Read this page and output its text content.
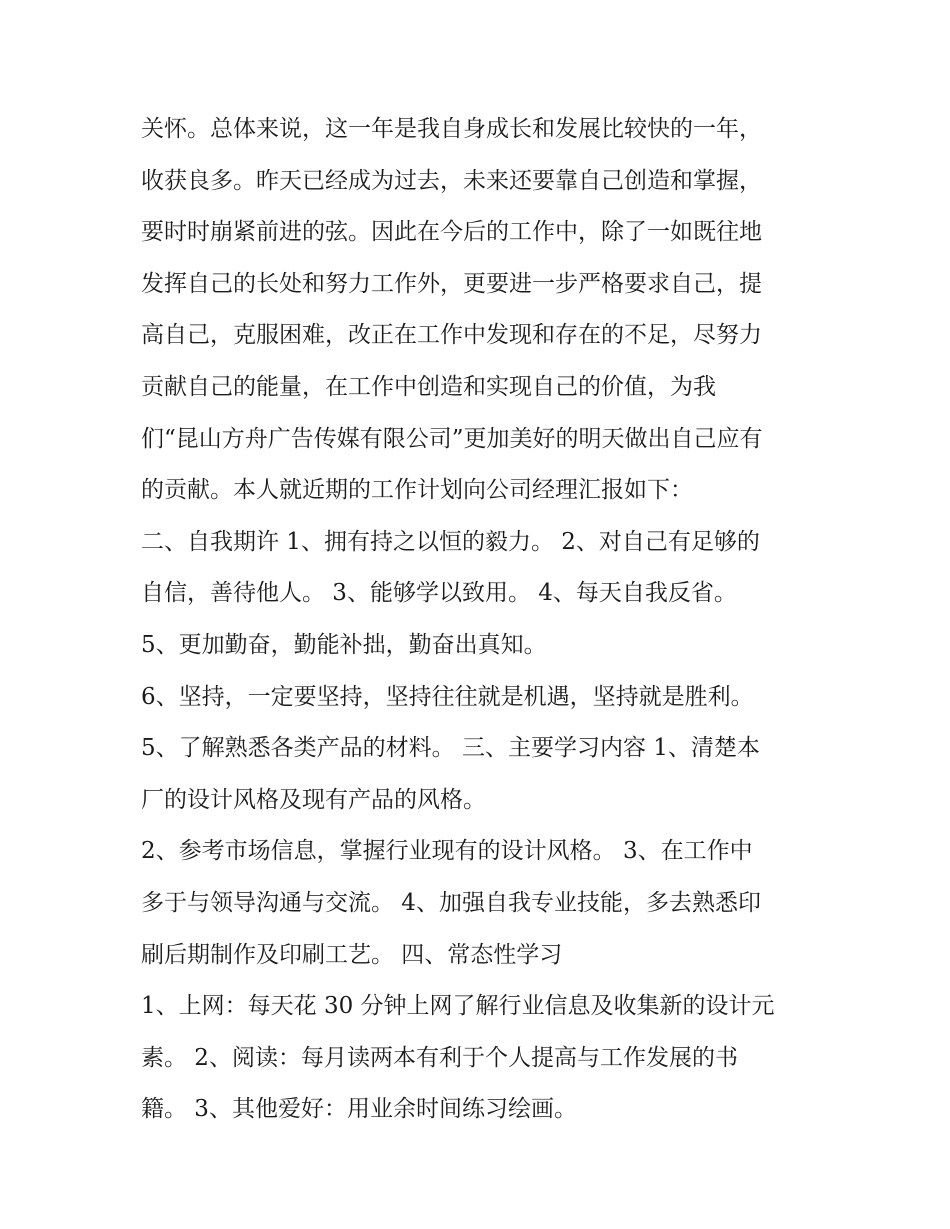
关怀。总体来说，这一年是我自身成长和发展比较快的一年，
收获良多。昨天已经成为过去，未来还要靠自己创造和掌握，
要时时崩紧前进的弦。因此在今后的工作中，除了一如既往地
发挥自己的长处和努力工作外，更要进一步严格要求自己，提
高自己，克服困难，改正在工作中发现和存在的不足，尽努力
贡献自己的能量，在工作中创造和实现自己的价值，为我
们“昆山方舟广告传媒有限公司”更加美好的明天做出自己应有
的贡献。本人就近期的工作计划向公司经理汇报如下：
二、自我期许 1、拥有持之以恒的毅力。 2、对自己有足够的
自信，善待他人。 3、能够学以致用。 4、每天自我反省。
5、更加勤奋，勤能补拙，勤奋出真知。
6、坚持，一定要坚持，坚持往往就是机遇，坚持就是胜利。
5、了解熟悉各类产品的材料。 三、主要学习内容 1、清楚本
厂的设计风格及现有产品的风格。
2、参考市场信息，掌握行业现有的设计风格。 3、在工作中
多于与领导沟通与交流。 4、加强自我专业技能，多去熟悉印
刷后期制作及印刷工艺。 四、常态性学习
1、上网：每天花 30 分钟上网了解行业信息及收集新的设计元
素。 2、阅读：每月读两本有利于个人提高与工作发展的书
籍。 3、其他爱好：用业余时间练习绘画。
